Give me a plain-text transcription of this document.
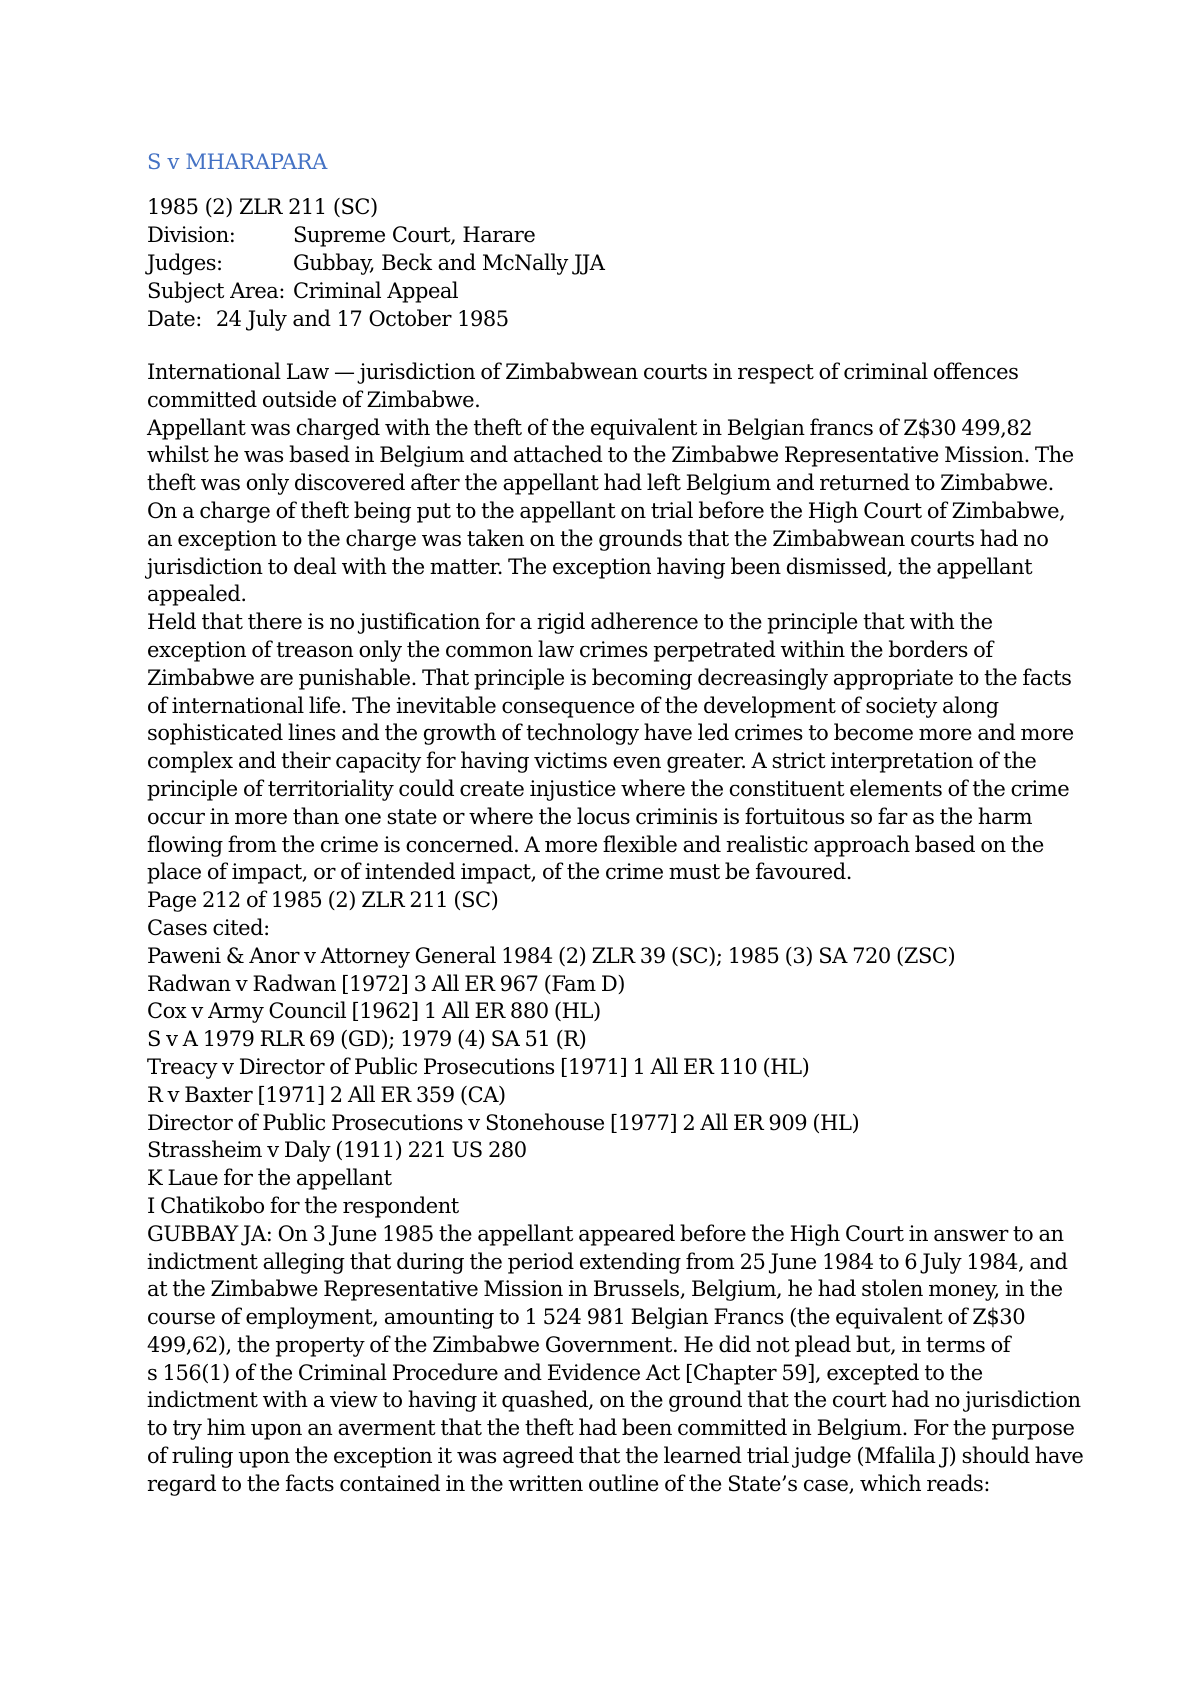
S v MHARAPARA
1985 (2) ZLR 211 (SC)
Division:	Supreme Court, Harare
Judges:	Gubbay, Beck and McNally JJA
Subject Area: Criminal Appeal
Date: 24 July and 17 October 1985

International Law — jurisdiction of Zimbabwean courts in respect of criminal offences committed outside of Zimbabwe.

Appellant was charged with the theft of the equivalent in Belgian francs of Z$30 499,82 whilst he was based in Belgium and attached to the Zimbabwe Representative Mission. The theft was only discovered after the appellant had left Belgium and returned to Zimbabwe.

On a charge of theft being put to the appellant on trial before the High Court of Zimbabwe, an exception to the charge was taken on the grounds that the Zimbabwean courts had no jurisdiction to deal with the matter. The exception having been dismissed, the appellant appealed.

Held that there is no justification for a rigid adherence to the principle that with the exception of treason only the common law crimes perpetrated within the borders of Zimbabwe are punishable. That principle is becoming decreasingly appropriate to the facts of international life. The inevitable consequence of the development of society along sophisticated lines and the growth of technology have led crimes to become more and more complex and their capacity for having victims even greater. A strict interpretation of the principle of territoriality could create injustice where the constituent elements of the crime occur in more than one state or where the locus criminis is fortuitous so far as the harm flowing from the crime is concerned. A more flexible and realistic approach based on the place of impact, or of intended impact, of the crime must be favoured.

Page 212 of 1985 (2) ZLR 211 (SC)

Cases cited:

Paweni & Anor v Attorney General 1984 (2) ZLR 39 (SC); 1985 (3) SA 720 (ZSC)

Radwan v Radwan [1972] 3 All ER 967 (Fam D)

Cox v Army Council [1962] 1 All ER 880 (HL)

S v A 1979 RLR 69 (GD); 1979 (4) SA 51 (R)

Treacy v Director of Public Prosecutions [1971] 1 All ER 110 (HL)

R v Baxter [1971] 2 All ER 359 (CA)

Director of Public Prosecutions v Stonehouse [1977] 2 All ER 909 (HL)

Strassheim v Daly (1911) 221 US 280

K Laue for the appellant

I Chatikobo for the respondent

GUBBAY JA: On 3 June 1985 the appellant appeared before the High Court in answer to an indictment alleging that during the period extending from 25 June 1984 to 6 July 1984, and at the Zimbabwe Representative Mission in Brussels, Belgium, he had stolen money, in the course of employment, amounting to 1 524 981 Belgian Francs (the equivalent of Z$30 499,62), the property of the Zimbabwe Government. He did not plead but, in terms of

s 156(1) of the Criminal Procedure and Evidence Act [Chapter 59], excepted to the indictment with a view to having it quashed, on the ground that the court had no jurisdiction to try him upon an averment that the theft had been committed in Belgium. For the purpose of ruling upon the exception it was agreed that the learned trial judge (Mfalila J) should have regard to the facts contained in the written outline of the State’s case, which reads:
